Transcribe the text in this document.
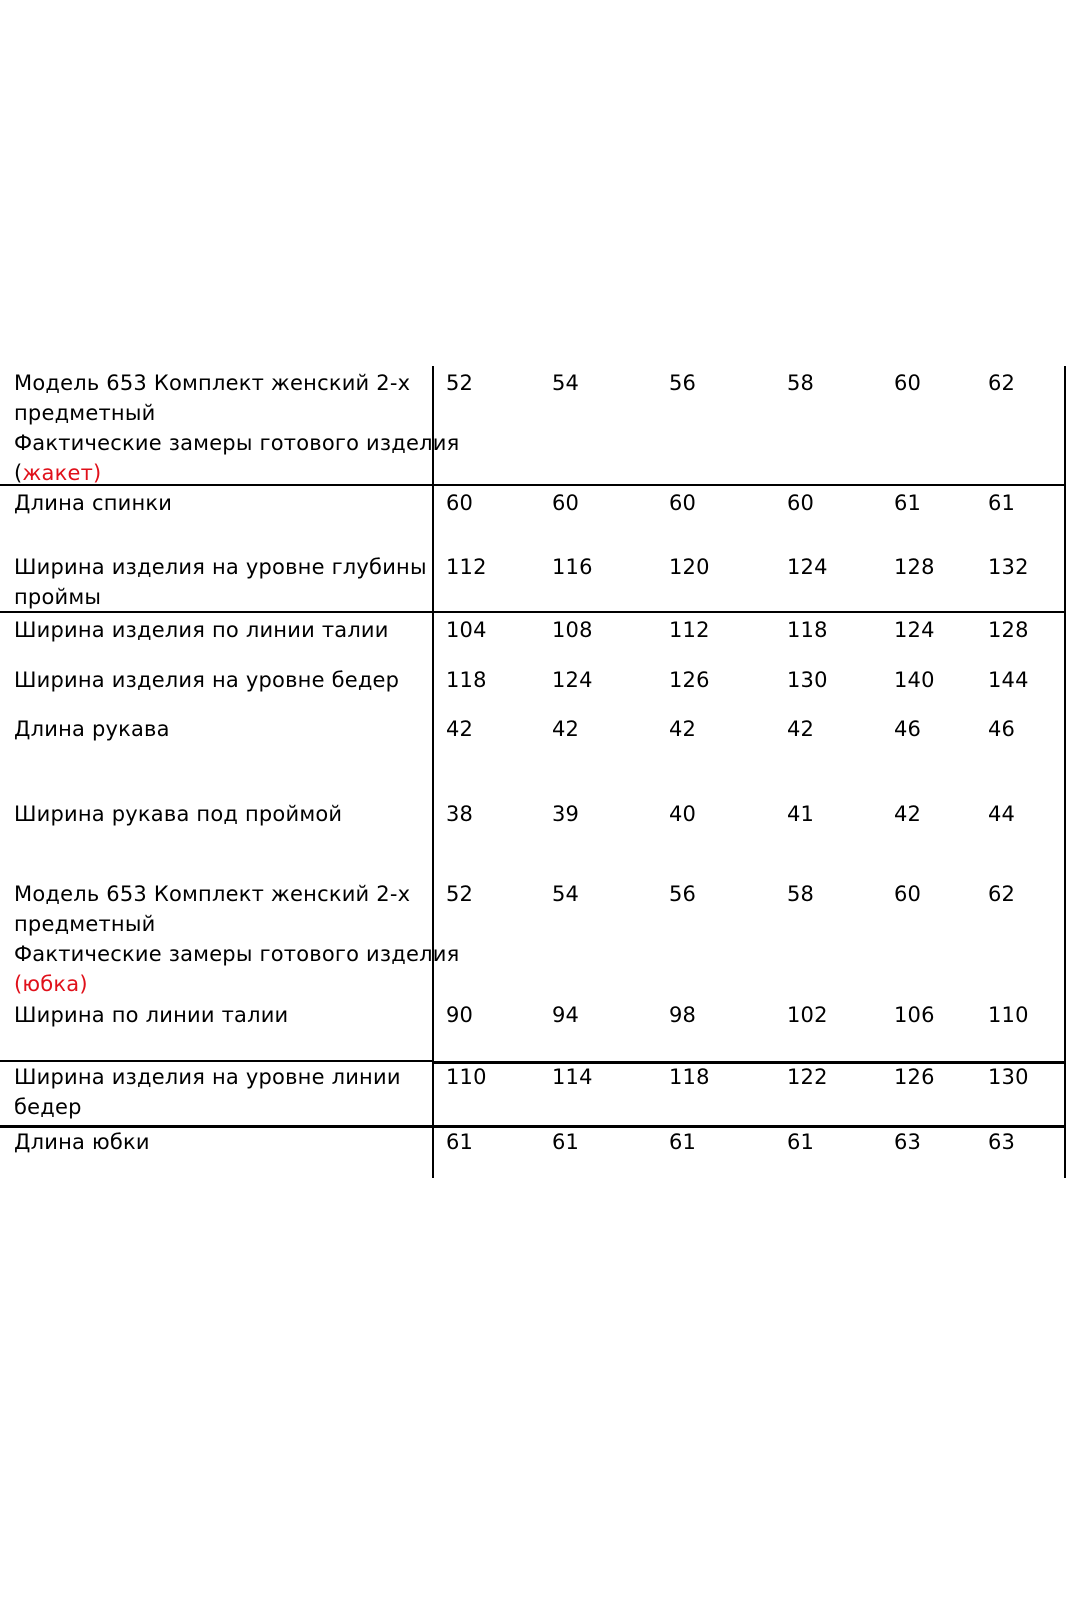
Модель 653 Комплект женский 2-х
предметный
Фактические замеры готового изделия
(жакет)
52	54	56	58	60	62
Длина спинки	60	60	60	60	61	61
Ширина изделия на уровне глубины
проймы
112	116	120	124	128	132
Ширина изделия по линии талии	104	108	112	118	124	128
Ширина изделия на уровне бедер 118	124	126	130	140	144
Длина рукава	42	42	42	42	46	46
Ширина рукава под проймой	38	39	40	41	42	44
Модель 653 Комплект женский 2-х
предметный
Фактические замеры готового изделия
(юбка)
52	54	56	58	60	62
Ширина по линии талии	90	94	98	102	106	110
Ширина изделия на уровне линии
бедер
110	114	118	122	126	130
Длина юбки	61	61	61	61	63	63
